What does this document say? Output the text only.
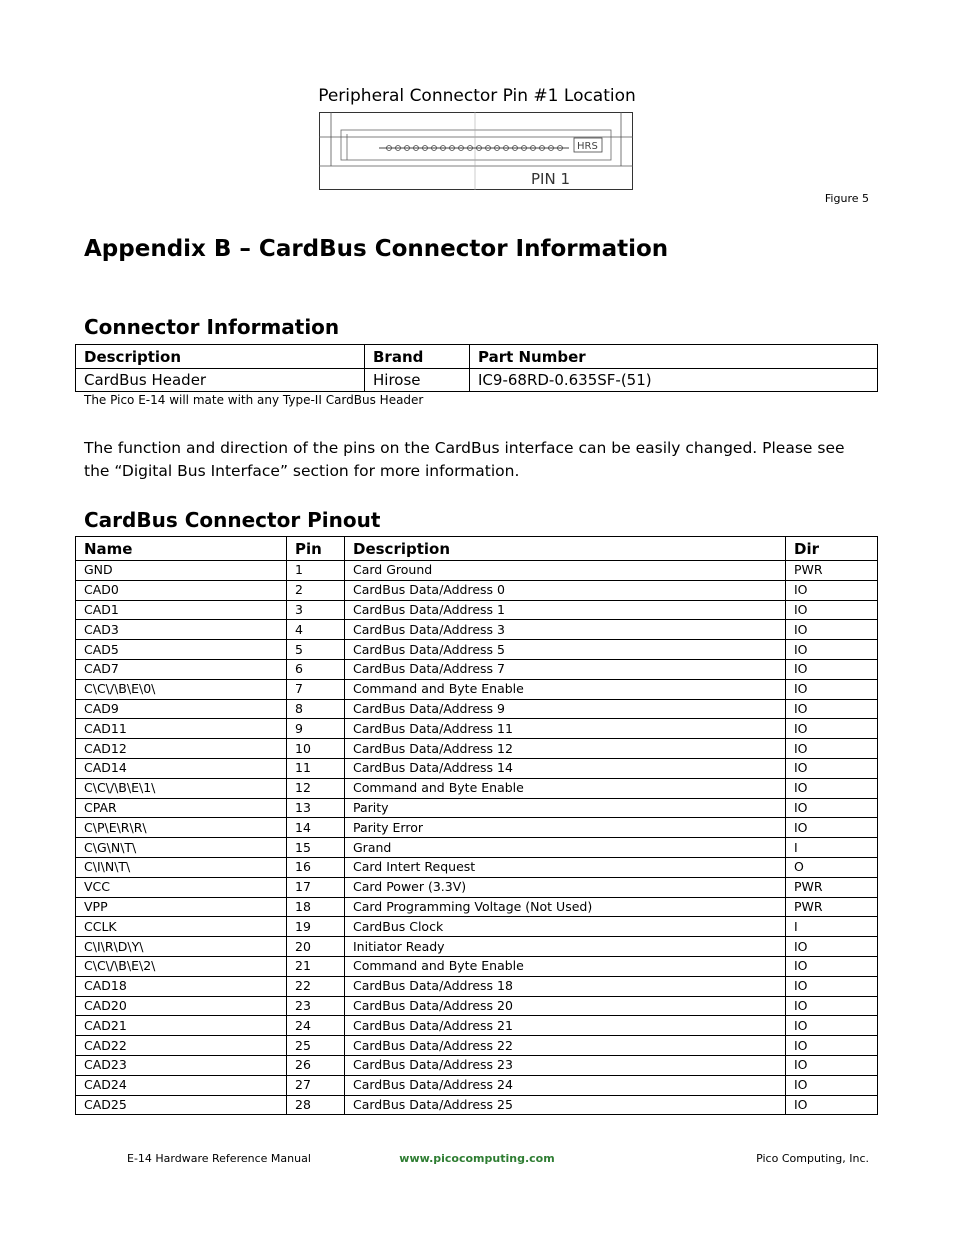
Peripheral Connector Pin #1 Location
HRS
PIN 1
Figure 5
Appendix B – CardBus Connector Information
Connector Information
Description	Brand	Part Number
CardBus Header	Hirose	IC9-68RD-0.635SF-(51)
The Pico E-14 will mate with any Type-II CardBus Header
The function and direction of the pins on the CardBus interface can be easily changed. Please see the “Digital Bus Interface” section for more information.
CardBus Connector Pinout
Name	Pin	Description	Dir
GND	1	Card Ground	PWR
CAD0	2	CardBus Data/Address 0	IO
CAD1	3	CardBus Data/Address 1	IO
CAD3	4	CardBus Data/Address 3	IO
CAD5	5	CardBus Data/Address 5	IO
CAD7	6	CardBus Data/Address 7	IO
C\C\/\B\E\0\	7	Command and Byte Enable	IO
CAD9	8	CardBus Data/Address 9	IO
CAD11	9	CardBus Data/Address 11	IO
CAD12	10	CardBus Data/Address 12	IO
CAD14	11	CardBus Data/Address 14	IO
C\C\/\B\E\1\	12	Command and Byte Enable	IO
CPAR	13	Parity	IO
C\P\E\R\R\	14	Parity Error	IO
C\G\N\T\	15	Grand	I
C\I\N\T\	16	Card Intert Request	O
VCC	17	Card Power (3.3V)	PWR
VPP	18	Card Programming Voltage (Not Used)	PWR
CCLK	19	CardBus Clock	I
C\I\R\D\Y\	20	Initiator Ready	IO
C\C\/\B\E\2\	21	Command and Byte Enable	IO
CAD18	22	CardBus Data/Address 18	IO
CAD20	23	CardBus Data/Address 20	IO
CAD21	24	CardBus Data/Address 21	IO
CAD22	25	CardBus Data/Address 22	IO
CAD23	26	CardBus Data/Address 23	IO
CAD24	27	CardBus Data/Address 24	IO
CAD25	28	CardBus Data/Address 25	IO
E-14 Hardware Reference Manual	www.picocomputing.com	Pico Computing, Inc.
